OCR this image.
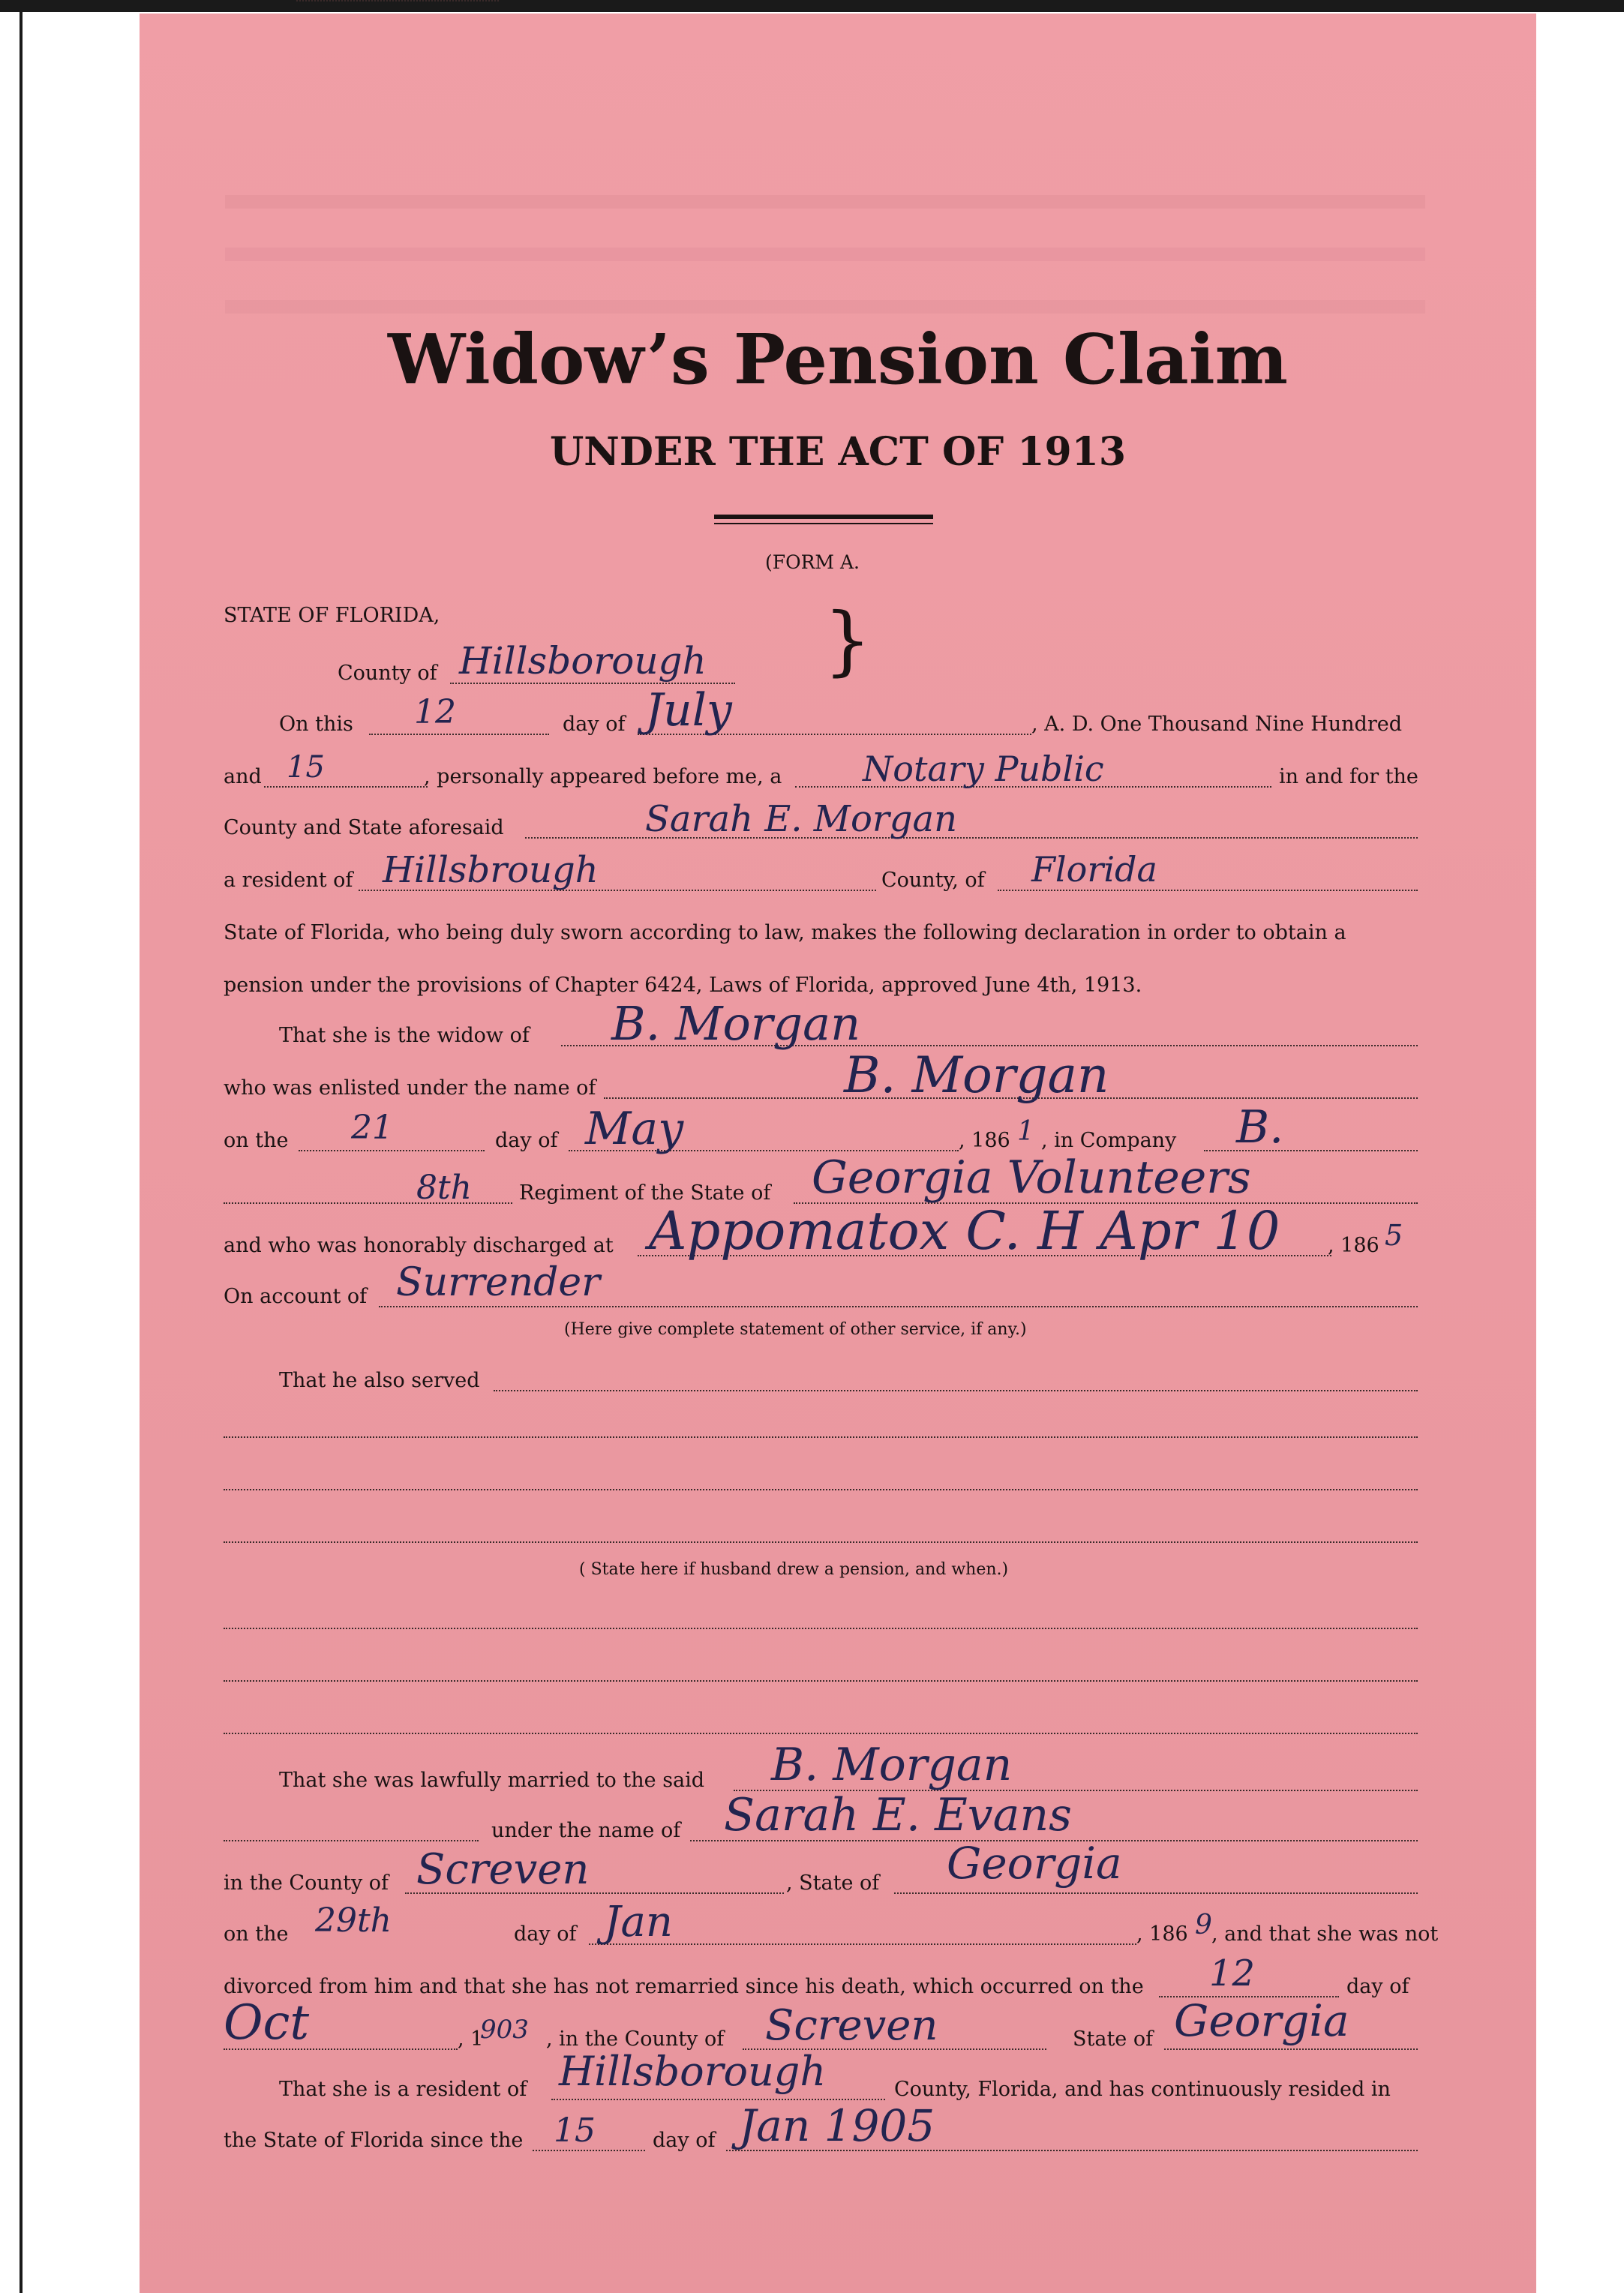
Widow’s Pension Claim
UNDER THE ACT OF 1913
(FORM A.
STATE OF FLORIDA,	}
County of Hillsborough
On this 12	day of July	, A. D. One Thousand Nine Hundred
and 15	, personally appeared before me, a Notary Public	in and for the
County and State aforesaid	Sarah E. Morgan
a resident of Hillsbrough	County, of Florida
State of Florida, who being duly sworn according to law, makes the following declaration in order to obtain a
pension under the provisions of Chapter 6424, Laws of Florida, approved June 4th, 1913.
That she is the widow of B. Morgan
who was enlisted under the name of	B. Morgan
on the 21	day of May	, 186 1 , in Company B.
8th Regiment of the State of Georgia Volunteers
and who was honorably discharged at Appomatox C. H Apr 10 , 186 5
On account of Surrender
(Here give complete statement of other service, if any.)
That he also served
( State here if husband drew a pension, and when.)
That she was lawfully married to the said B. Morgan
under the name of Sarah E. Evans
in the County of Screven	, State of Georgia
on the 29th	day of Jan	, 186 9 , and that she was not
divorced from him and that she has not remarried since his death, which occurred on the 12	day of
Oct	, 1
903 , in the County of Screven	State of Georgia
That she is a resident of Hillsborough	County, Florida, and has continuously resided in
the State of Florida since the 15	day of Jan 1905
